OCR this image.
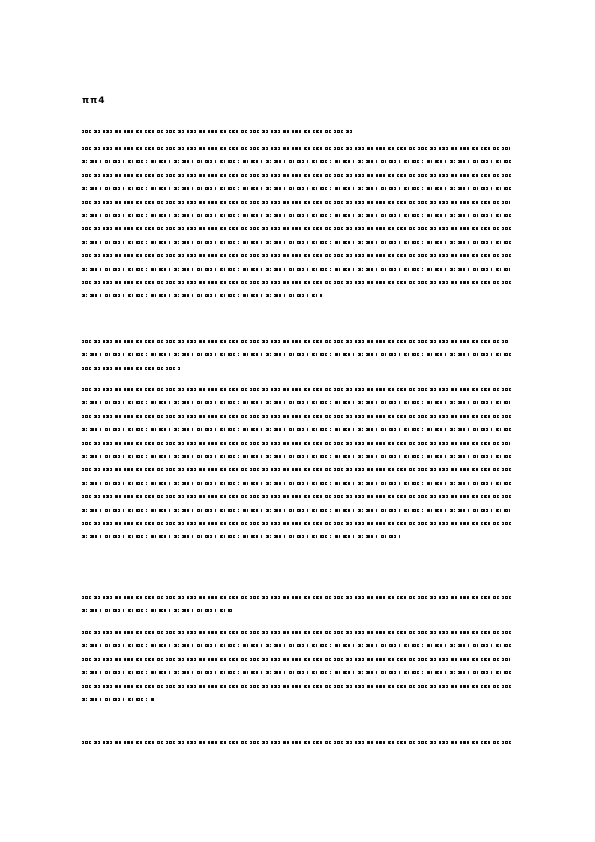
ππ4
